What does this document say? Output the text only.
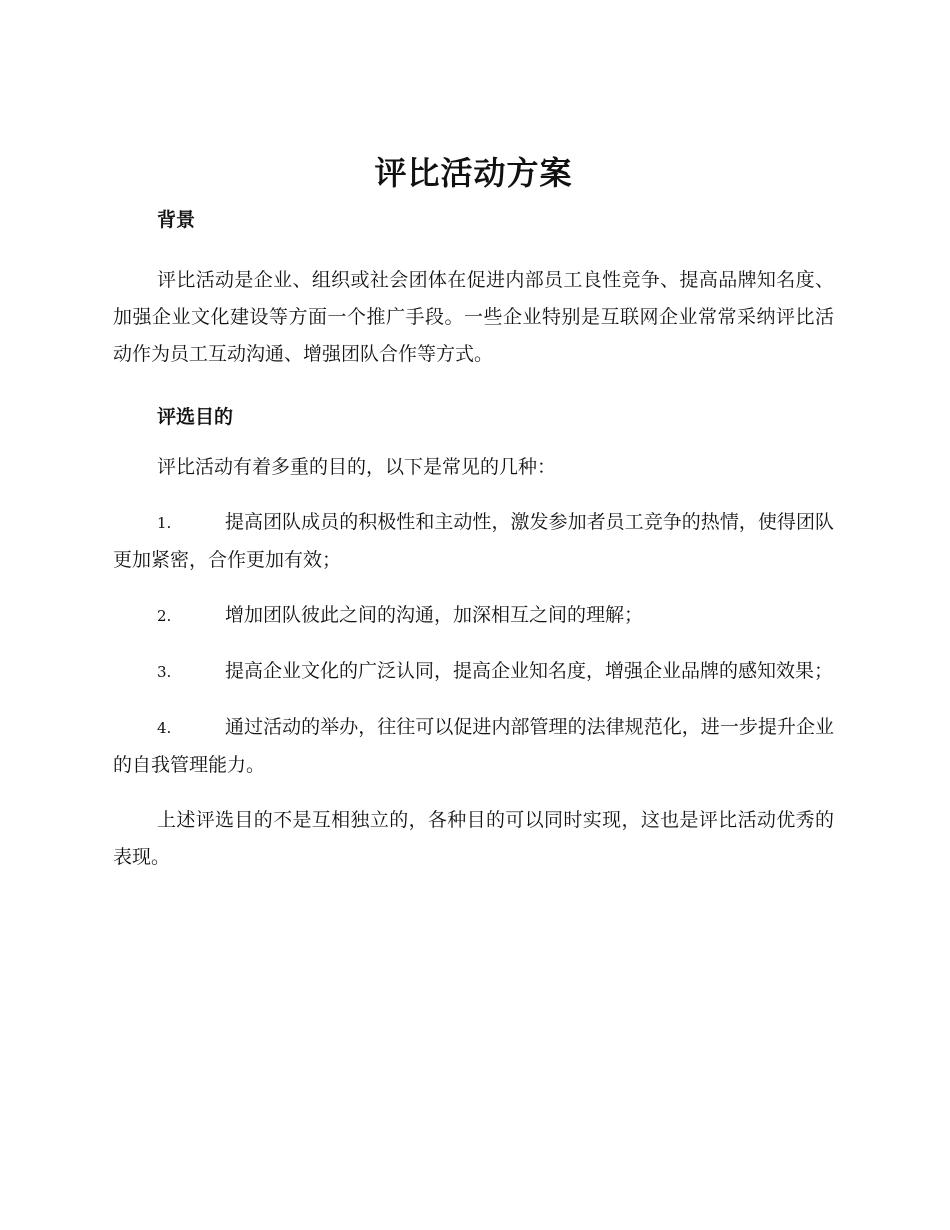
评比活动方案
背景

评比活动是企业、组织或社会团体在促进内部员工良性竞争、提高品牌知名度、加强企业文化建设等方面一个推广手段。一些企业特别是互联网企业常常采纳评比活动作为员工互动沟通、增强团队合作等方式。

评选目的

评比活动有着多重的目的，以下是常见的几种：

1.	提高团队成员的积极性和主动性，激发参加者员工竞争的热情，使得团队更加紧密，合作更加有效；
2.	增加团队彼此之间的沟通，加深相互之间的理解；
3.	提高企业文化的广泛认同，提高企业知名度，增强企业品牌的感知效果；
4.	通过活动的举办，往往可以促进内部管理的法律规范化，进一步提升企业的自我管理能力。

上述评选目的不是互相独立的，各种目的可以同时实现，这也是评比活动优秀的表现。
